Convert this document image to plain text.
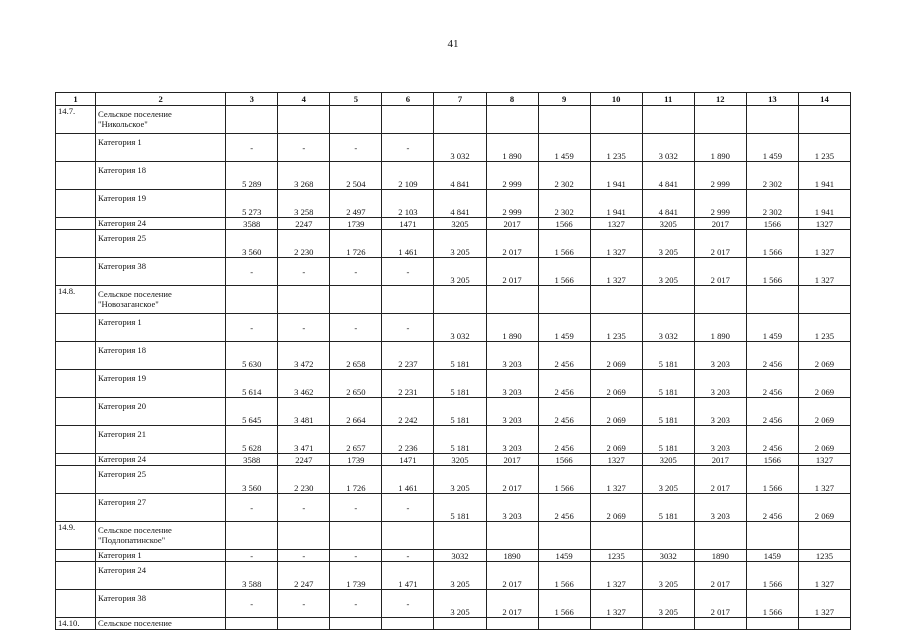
41
1	2	3	4	5	6	7	8	9	10	11	12	13	14
14.7.	Сельское поселение
"Никольское"												

	Категория 1	-	-	-	-	3 032	1 890	1 459	1 235	3 032	1 890	1 459	1 235

	Категория 18	5 289	3 268	2 504	2 109	4 841	2 999	2 302	1 941	4 841	2 999	2 302	1 941

	Категория 19	5 273	3 258	2 497	2 103	4 841	2 999	2 302	1 941	4 841	2 999	2 302	1 941

	Категория 24	3588	2247	1739	1471	3205	2017	1566	1327	3205	2017	1566	1327

	Категория 25	3 560	2 230	1 726	1 461	3 205	2 017	1 566	1 327	3 205	2 017	1 566	1 327

	Категория 38	-	-	-	-	3 205	2 017	1 566	1 327	3 205	2 017	1 566	1 327
14.8.	Сельское поселение
"Новозаганское"												

	Категория 1	-	-	-	-	3 032	1 890	1 459	1 235	3 032	1 890	1 459	1 235

	Категория 18	5 630	3 472	2 658	2 237	5 181	3 203	2 456	2 069	5 181	3 203	2 456	2 069

	Категория 19	5 614	3 462	2 650	2 231	5 181	3 203	2 456	2 069	5 181	3 203	2 456	2 069

	Категория 20	5 645	3 481	2 664	2 242	5 181	3 203	2 456	2 069	5 181	3 203	2 456	2 069

	Категория 21	5 628	3 471	2 657	2 236	5 181	3 203	2 456	2 069	5 181	3 203	2 456	2 069

	Категория 24	3588	2247	1739	1471	3205	2017	1566	1327	3205	2017	1566	1327

	Категория 25	3 560	2 230	1 726	1 461	3 205	2 017	1 566	1 327	3 205	2 017	1 566	1 327

	Категория 27	-	-	-	-	5 181	3 203	2 456	2 069	5 181	3 203	2 456	2 069
14.9.	Сельское поселение
"Подлопатинское"												

	Категория 1	-	-	-	-	3032	1890	1459	1235	3032	1890	1459	1235

	Категория 24	3 588	2 247	1 739	1 471	3 205	2 017	1 566	1 327	3 205	2 017	1 566	1 327

	Категория 38	-	-	-	-	3 205	2 017	1 566	1 327	3 205	2 017	1 566	1 327
14.10.	Сельское поселение												
